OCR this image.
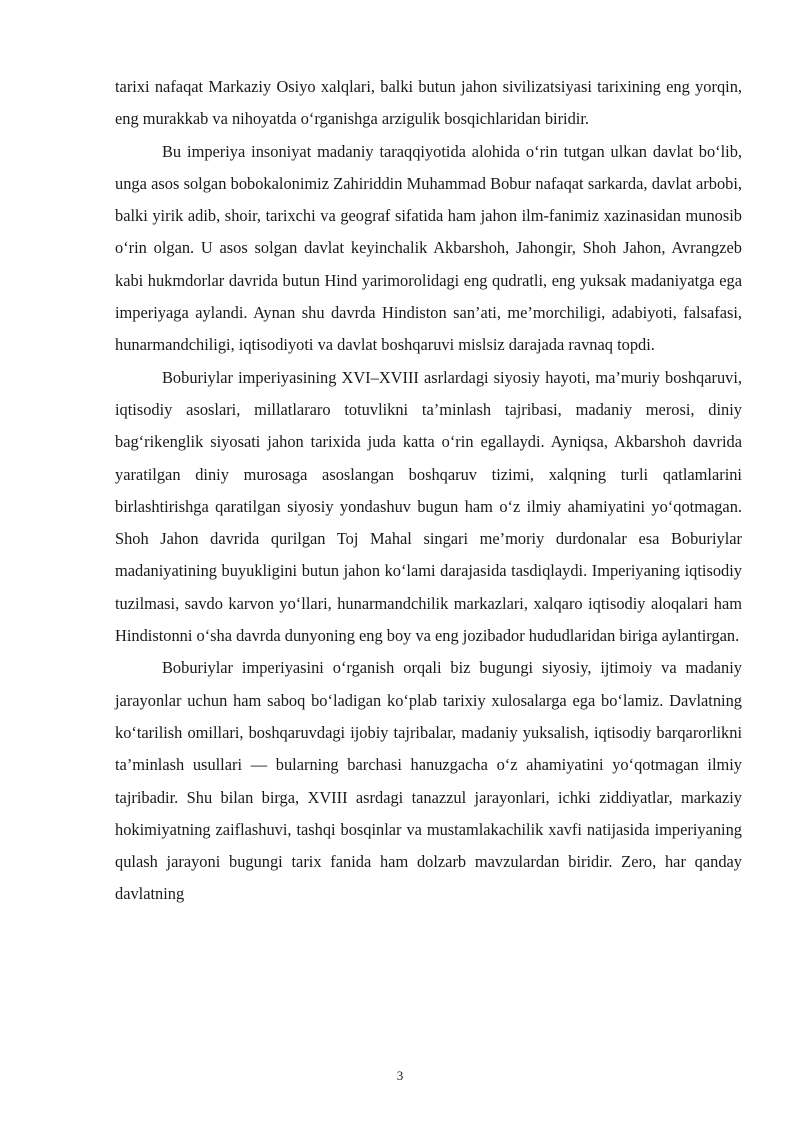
tarixi nafaqat Markaziy Osiyo xalqlari, balki butun jahon sivilizatsiyasi tarixining eng yorqin, eng murakkab va nihoyatda o‘rganishga arzigulik bosqichlaridan biridir.

Bu imperiya insoniyat madaniy taraqqiyotida alohida o‘rin tutgan ulkan davlat bo‘lib, unga asos solgan bobokalonimiz Zahiriddin Muhammad Bobur nafaqat sarkarda, davlat arbobi, balki yirik adib, shoir, tarixchi va geograf sifatida ham jahon ilm-fanimiz xazinasidan munosib o‘rin olgan. U asos solgan davlat keyinchalik Akbarshoh, Jahongir, Shoh Jahon, Avrangzeb kabi hukmdorlar davrida butun Hind yarimorolidagi eng qudratli, eng yuksak madaniyatga ega imperiyaga aylandi. Aynan shu davrda Hindiston san’ati, me’morchiligi, adabiyoti, falsafasi, hunarmandchiligi, iqtisodiyoti va davlat boshqaruvi mislsiz darajada ravnaq topdi.

Boburiylar imperiyasining XVI–XVIII asrlardagi siyosiy hayoti, ma’muriy boshqaruvi, iqtisodiy asoslari, millatlararo totuvlikni ta’minlash tajribasi, madaniy merosi, diniy bag‘rikenglik siyosati jahon tarixida juda katta o‘rin egallaydi. Ayniqsa, Akbarshoh davrida yaratilgan diniy murosaga asoslangan boshqaruv tizimi, xalqning turli qatlamlarini birlashtirishga qaratilgan siyosiy yondashuv bugun ham o‘z ilmiy ahamiyatini yo‘qotmagan. Shoh Jahon davrida qurilgan Toj Mahal singari me’moriy durdonalar esa Boburiylar madaniyatining buyukligini butun jahon ko‘lami darajasida tasdiqlaydi. Imperiyaning iqtisodiy tuzilmasi, savdo karvon yo‘llari, hunarmandchilik markazlari, xalqaro iqtisodiy aloqalari ham Hindistonni o‘sha davrda dunyoning eng boy va eng jozibador hududlaridan biriga aylantirgan.

Boburiylar imperiyasini o‘rganish orqali biz bugungi siyosiy, ijtimoiy va madaniy jarayonlar uchun ham saboq bo‘ladigan ko‘plab tarixiy xulosalarga ega bo‘lamiz. Davlatning ko‘tarilish omillari, boshqaruvdagi ijobiy tajribalar, madaniy yuksalish, iqtisodiy barqarorlikni ta’minlash usullari — bularning barchasi hanuzgacha o‘z ahamiyatini yo‘qotmagan ilmiy tajribadir. Shu bilan birga, XVIII asrdagi tanazzul jarayonlari, ichki ziddiyatlar, markaziy hokimiyatning zaiflashuvi, tashqi bosqinlar va mustamlakachilik xavfi natijasida imperiyaning qulash jarayoni bugungi tarix fanida ham dolzarb mavzulardan biridir. Zero, har qanday davlatning

3
